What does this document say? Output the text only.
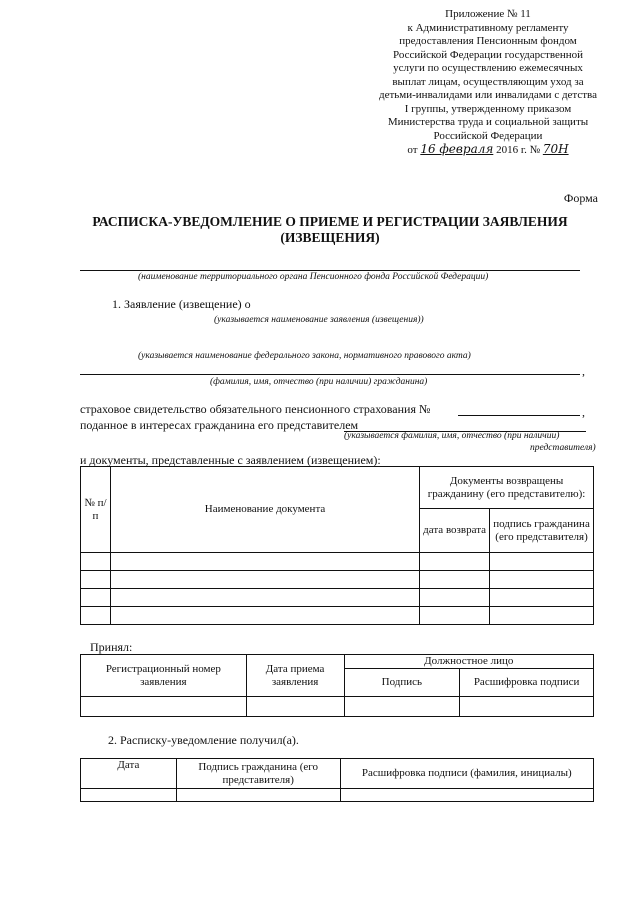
Приложение № 11
к Административному регламенту
предоставления Пенсионным фондом
Российской Федерации государственной
услуги по осуществлению ежемесячных
выплат лицам, осуществляющим уход за
детьми-инвалидами или инвалидами с детства
I группы, утвержденному приказом
Министерства труда и социальной защиты
Российской Федерации
от 16 февраля 2016 г. № 70Н
Форма
РАСПИСКА-УВЕДОМЛЕНИЕ О ПРИЕМЕ И РЕГИСТРАЦИИ ЗАЯВЛЕНИЯ
(ИЗВЕЩЕНИЯ)
(наименование территориального органа Пенсионного фонда Российской Федерации)
1. Заявление (извещение) о
(указывается наименование заявления (извещения))
(указывается наименование федерального закона, нормативного правового акта)
,
(фамилия, имя, отчество (при наличии) гражданина)
страховое свидетельство обязательного пенсионного страхования №	,
поданное в интересах гражданина его представителем
(указывается фамилия, имя, отчество (при наличии)
представителя)
и документы, представленные с заявлением (извещением):
№ п/п	Наименование документа	Документы возвращены гражданину (его представителю):	
		дата возврата	подпись гражданина (его представителя)

Принял:
Регистрационный номер заявления	Дата приема заявления	Должностное лицо	
		Подпись	Расшифровка подписи

2. Расписку-уведомление получил(а).
Дата	Подпись гражданина (его представителя)	Расшифровка подписи (фамилия, инициалы)
